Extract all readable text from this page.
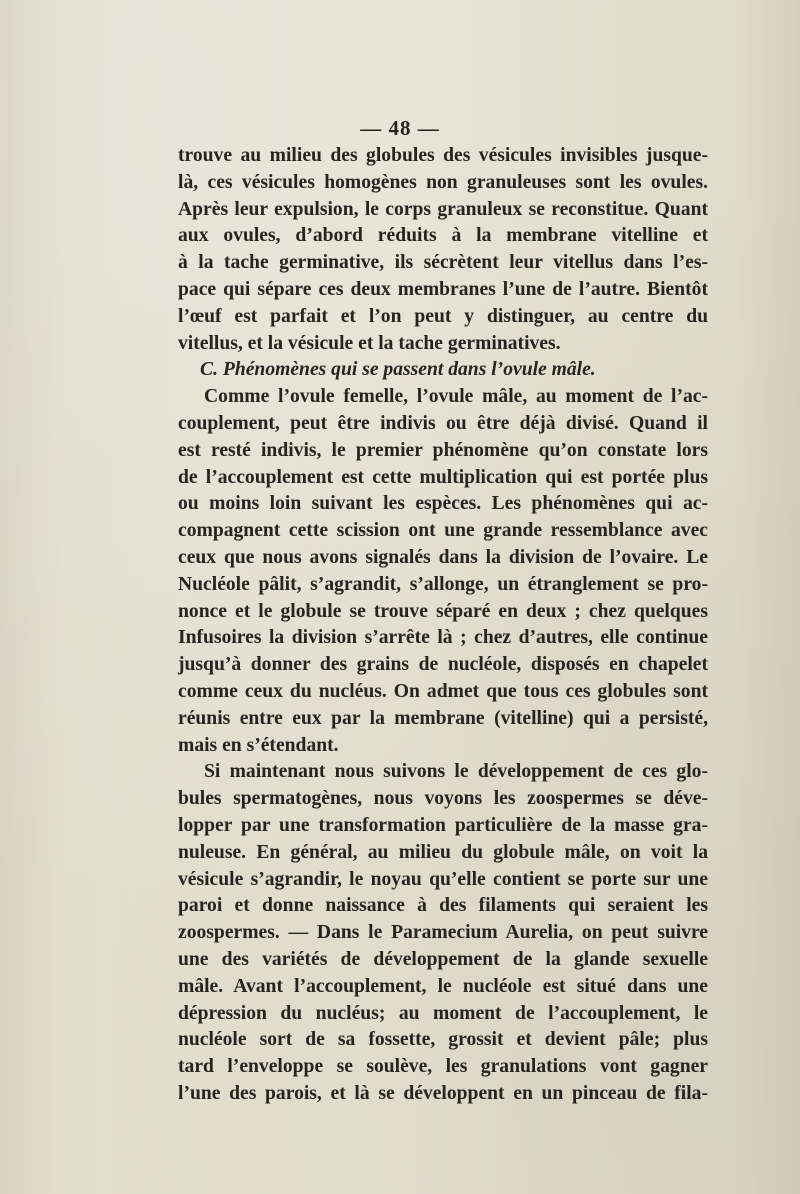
— 48 —
trouve au milieu des globules des vésicules invisibles jusque-
là, ces vésicules homogènes non granuleuses sont les ovules.
Après leur expulsion, le corps granuleux se reconstitue. Quant
aux ovules, d’abord réduits à la membrane vitelline et
à la tache germinative, ils sécrètent leur vitellus dans l’es-
pace qui sépare ces deux membranes l’une de l’autre. Bientôt
l’œuf est parfait et l’on peut y distinguer, au centre du
vitellus, et la vésicule et la tache germinatives.
C. Phénomènes qui se passent dans l’ovule mâle.
Comme l’ovule femelle, l’ovule mâle, au moment de l’ac-
couplement, peut être indivis ou être déjà divisé. Quand il
est resté indivis, le premier phénomène qu’on constate lors
de l’accouplement est cette multiplication qui est portée plus
ou moins loin suivant les espèces. Les phénomènes qui ac-
compagnent cette scission ont une grande ressemblance avec
ceux que nous avons signalés dans la division de l’ovaire. Le
Nucléole pâlit, s’agrandit, s’allonge, un étranglement se pro-
nonce et le globule se trouve séparé en deux ; chez quelques
Infusoires la division s’arrête là ; chez d’autres, elle continue
jusqu’à donner des grains de nucléole, disposés en chapelet
comme ceux du nucléus. On admet que tous ces globules sont
réunis entre eux par la membrane (vitelline) qui a persisté,
mais en s’étendant.
Si maintenant nous suivons le développement de ces glo-
bules spermatogènes, nous voyons les zoospermes se déve-
lopper par une transformation particulière de la masse gra-
nuleuse. En général, au milieu du globule mâle, on voit la
vésicule s’agrandir, le noyau qu’elle contient se porte sur une
paroi et donne naissance à des filaments qui seraient les
zoospermes. — Dans le Paramecium Aurelia, on peut suivre
une des variétés de développement de la glande sexuelle
mâle. Avant l’accouplement, le nucléole est situé dans une
dépression du nucléus; au moment de l’accouplement, le
nucléole sort de sa fossette, grossit et devient pâle; plus
tard l’enveloppe se soulève, les granulations vont gagner
l’une des parois, et là se développent en un pinceau de fila-
